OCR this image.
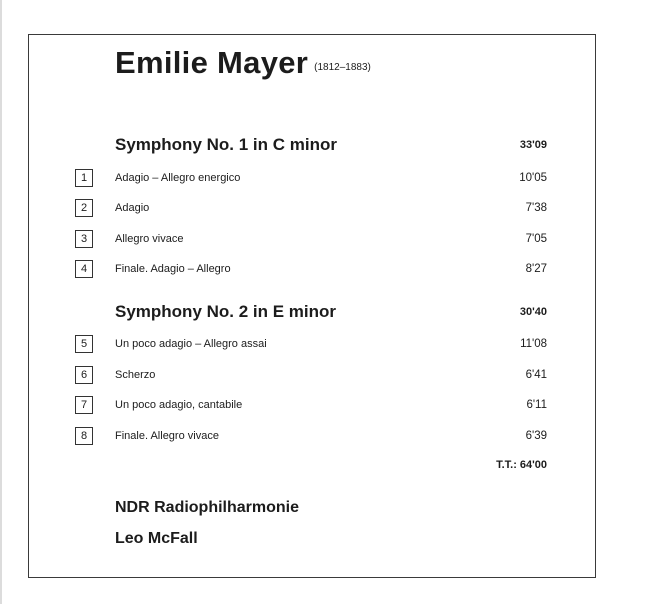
Emilie Mayer (1812–1883)
Symphony No. 1 in C minor	33'09
1	Adagio – Allegro energico	10'05
2	Adagio	7'38
3	Allegro vivace	7'05
4	Finale. Adagio – Allegro	8'27
Symphony No. 2 in E minor	30'40
5	Un poco adagio – Allegro assai	11'08
6	Scherzo	6'41
7	Un poco adagio, cantabile	6'11
8	Finale. Allegro vivace	6'39
T.T.: 64'00
NDR Radiophilharmonie
Leo McFall
